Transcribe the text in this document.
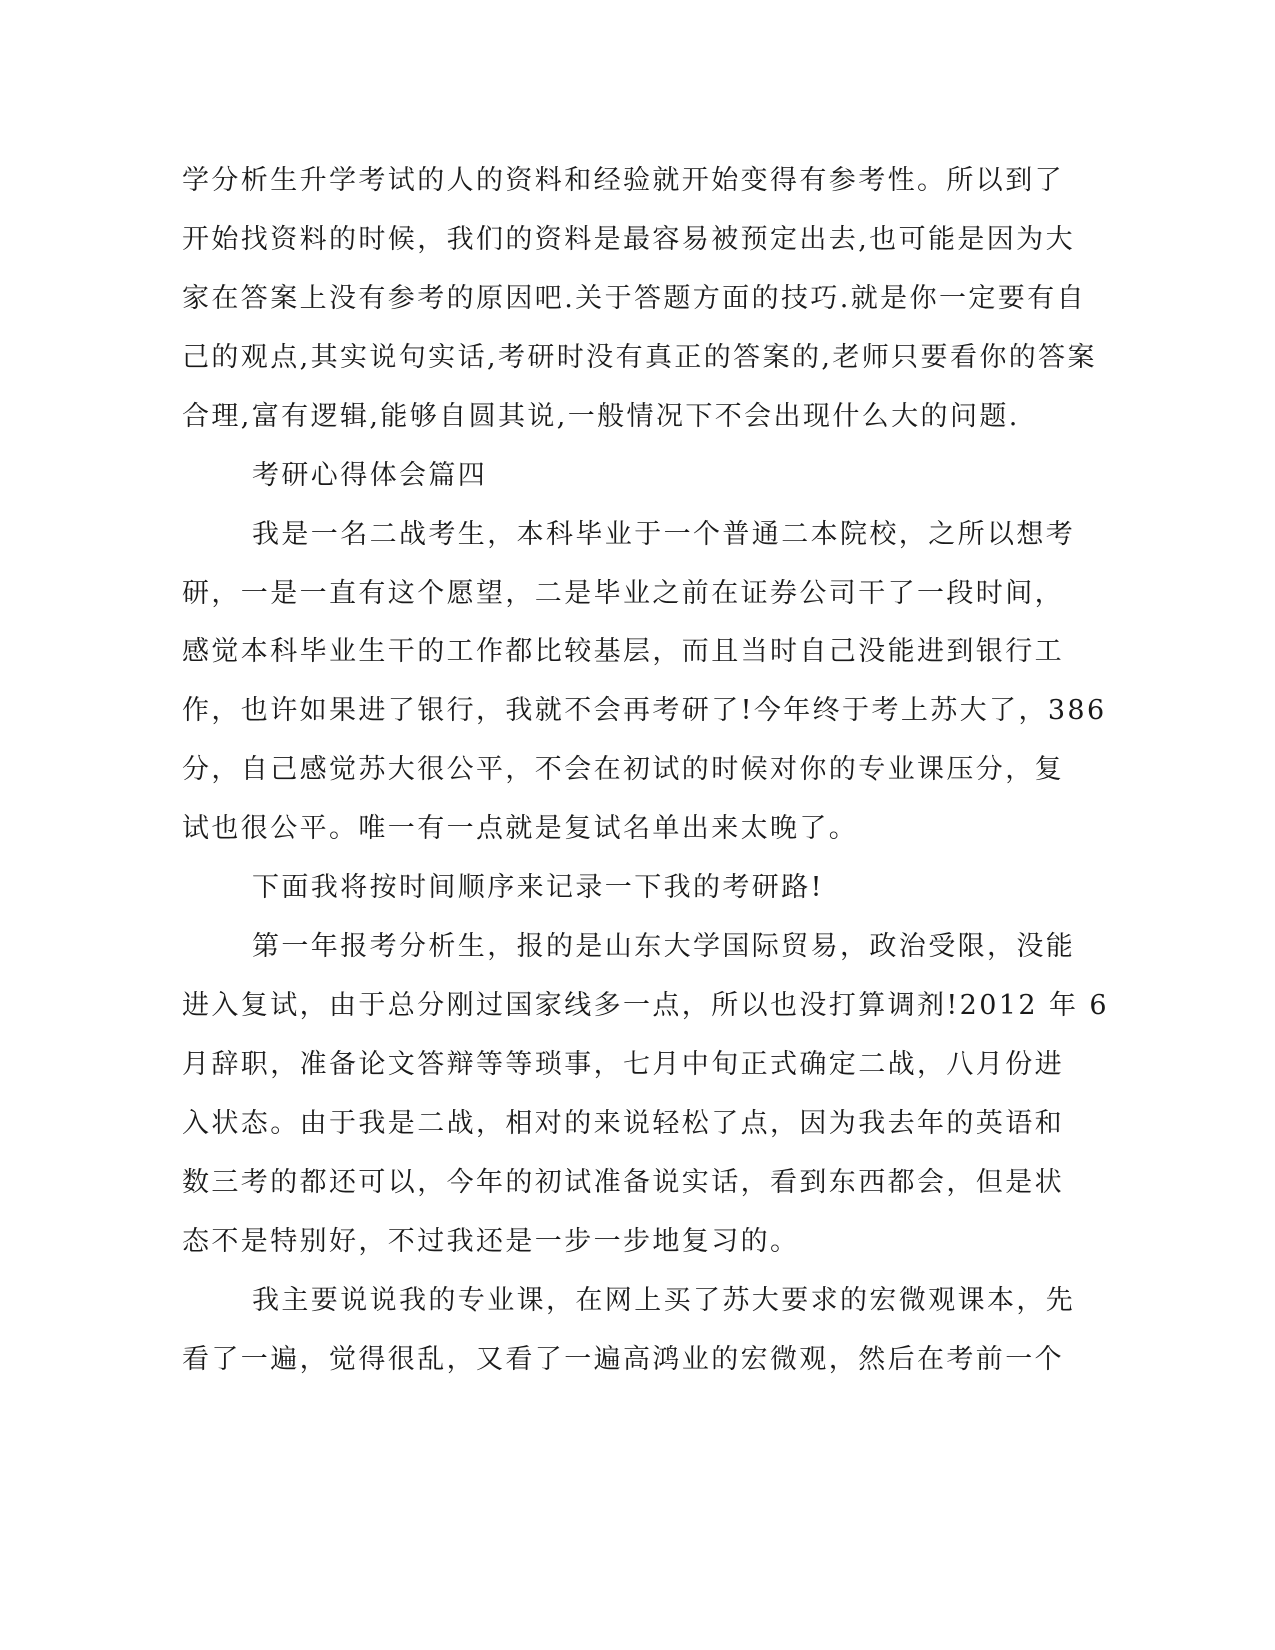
学分析生升学考试的人的资料和经验就开始变得有参考性。所以到了
开始找资料的时候，我们的资料是最容易被预定出去,也可能是因为大
家在答案上没有参考的原因吧.关于答题方面的技巧.就是你一定要有自
己的观点,其实说句实话,考研时没有真正的答案的,老师只要看你的答案
合理,富有逻辑,能够自圆其说,一般情况下不会出现什么大的问题.
考研心得体会篇四
我是一名二战考生，本科毕业于一个普通二本院校，之所以想考
研，一是一直有这个愿望，二是毕业之前在证券公司干了一段时间，
感觉本科毕业生干的工作都比较基层，而且当时自己没能进到银行工
作，也许如果进了银行，我就不会再考研了!今年终于考上苏大了，386
分，自己感觉苏大很公平，不会在初试的时候对你的专业课压分，复
试也很公平。唯一有一点就是复试名单出来太晚了。
下面我将按时间顺序来记录一下我的考研路!
第一年报考分析生，报的是山东大学国际贸易，政治受限，没能
进入复试，由于总分刚过国家线多一点，所以也没打算调剂!2012 年 6
月辞职，准备论文答辩等等琐事，七月中旬正式确定二战，八月份进
入状态。由于我是二战，相对的来说轻松了点，因为我去年的英语和
数三考的都还可以，今年的初试准备说实话，看到东西都会，但是状
态不是特别好，不过我还是一步一步地复习的。
我主要说说我的专业课，在网上买了苏大要求的宏微观课本，先
看了一遍，觉得很乱，又看了一遍高鸿业的宏微观，然后在考前一个
